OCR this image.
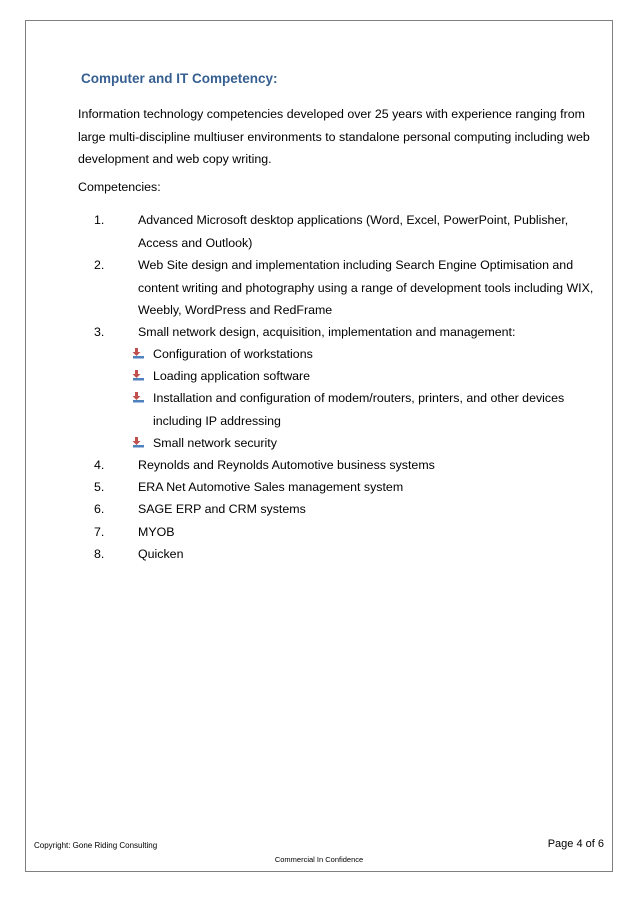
Computer and IT Competency:

Information technology competencies developed over 25 years with experience ranging from large multi-discipline multiuser environments to standalone personal computing including web development and web copy writing.

Competencies:

1.	Advanced Microsoft desktop applications (Word, Excel, PowerPoint, Publisher, Access and Outlook)
2.	Web Site design and implementation including Search Engine Optimisation and content writing and photography using a range of development tools including WIX, Weebly, WordPress and RedFrame
3.	Small network design, acquisition, implementation and management:
Configuration of workstations
Loading application software
Installation and configuration of modem/routers, printers, and other devices including IP addressing
Small network security
4.	Reynolds and Reynolds Automotive business systems
5.	ERA Net Automotive Sales management system
6.	SAGE ERP and CRM systems
7.	MYOB
8.	Quicken
Copyright: Gone Riding Consulting	Page 4 of 6
Commercial In Confidence
